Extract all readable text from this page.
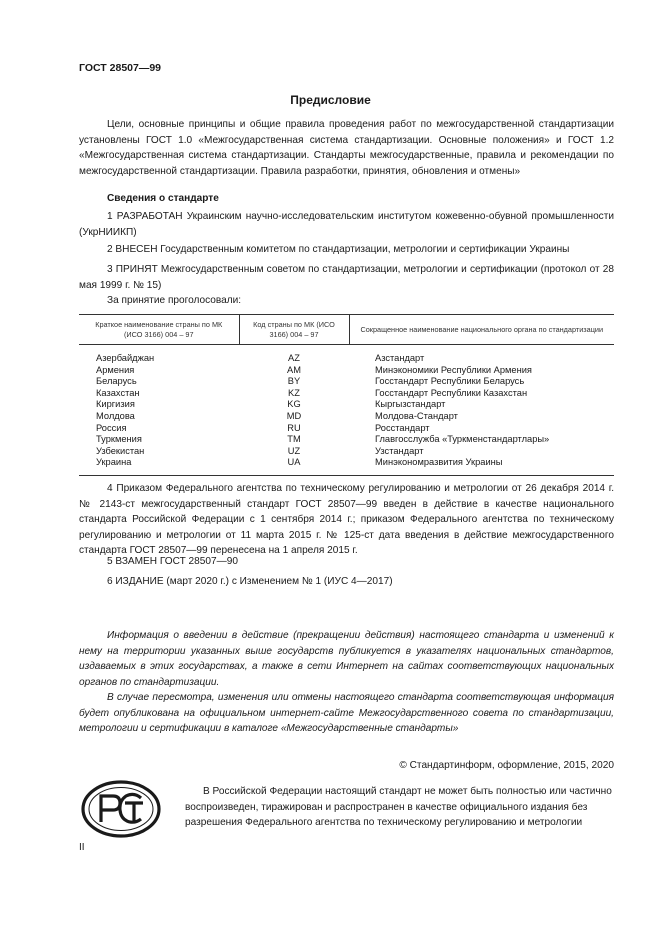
ГОСТ 28507—99
Предисловие
Цели, основные принципы и общие правила проведения работ по межгосударственной стандартизации установлены ГОСТ 1.0 «Межгосударственная система стандартизации. Основные положения» и ГОСТ 1.2 «Межгосударственная система стандартизации. Стандарты межгосударственные, правила и рекомендации по межгосударственной стандартизации. Правила разработки, принятия, обновления и отмены»
Сведения о стандарте
1 РАЗРАБОТАН Украинским научно-исследовательским институтом кожевенно-обувной промышленности (УкрНИИКП)
2 ВНЕСЕН Государственным комитетом по стандартизации, метрологии и сертификации Украины
3 ПРИНЯТ Межгосударственным советом по стандартизации, метрологии и сертификации (протокол от 28 мая 1999 г. № 15)
За принятие проголосовали:
Краткое наименование страны по МК (ИСО 3166) 004 – 97	Код страны по МК (ИСО 3166) 004 – 97	Сокращенное наименование национального органа по стандартизации
Азербайджан	AZ	Азстандарт
Армения	AM	Минэкономики Республики Армения
Беларусь	BY	Госстандарт Республики Беларусь
Казахстан	KZ	Госстандарт Республики Казахстан
Киргизия	KG	Кыргызстандарт
Молдова	MD	Молдова-Стандарт
Россия	RU	Росстандарт
Туркмения	TM	Главгосслужба «Туркменстандартлары»
Узбекистан	UZ	Узстандарт
Украина	UA	Минэкономразвития Украины
4 Приказом Федерального агентства по техническому регулированию и метрологии от 26 декабря 2014 г. № 2143-ст межгосударственный стандарт ГОСТ 28507—99 введен в действие в качестве национального стандарта Российской Федерации с 1 сентября 2014 г.; приказом Федерального агентства по техническому регулированию и метрологии от 11 марта 2015 г. № 125-ст дата введения в действие межгосударственного стандарта ГОСТ 28507—99 перенесена на 1 апреля 2015 г.
5 ВЗАМЕН ГОСТ 28507—90
6 ИЗДАНИЕ (март 2020 г.) с Изменением № 1 (ИУС 4—2017)
Информация о введении в действие (прекращении действия) настоящего стандарта и изменений к нему на территории указанных выше государств публикуется в указателях национальных стандартов, издаваемых в этих государствах, а также в сети Интернет на сайтах соответствующих национальных органов по стандартизации.
В случае пересмотра, изменения или отмены настоящего стандарта соответствующая информация будет опубликована на официальном интернет-сайте Межгосударственного совета по стандартизации, метрологии и сертификации в каталоге «Межгосударственные стандарты»
© Стандартинформ, оформление, 2015, 2020
В Российской Федерации настоящий стандарт не может быть полностью или частично воспроизведен, тиражирован и распространен в качестве официального издания без разрешения Федерального агентства по техническому регулированию и метрологии
II
